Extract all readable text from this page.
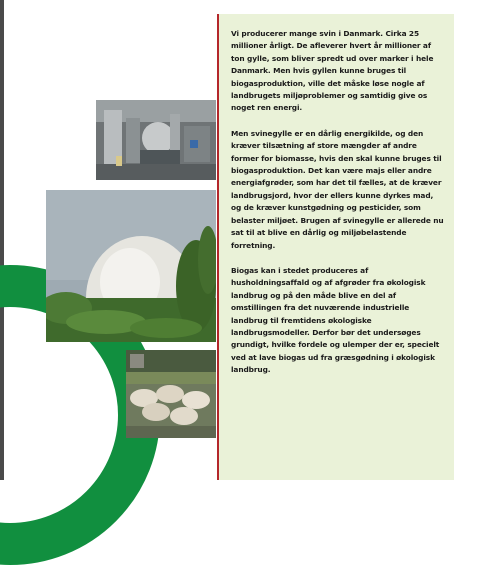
Vi producerer mange svin i Danmark. Cirka 25 millioner årligt. De afleverer hvert år millioner af ton gylle, som bliver spredt ud over marker i hele Danmark. Men hvis gyllen kunne bruges til biogasproduktion, ville det måske løse nogle af landbrugets miljøproblemer og samtidig give os noget ren energi.

Men svinegylle er en dårlig energikilde, og den kræver tilsætning af store mængder af andre former for biomasse, hvis den skal kunne bruges til biogasproduktion. Det kan være majs eller andre energiafgrøder, som har det til fælles, at de kræver landbrugsjord, hvor der ellers kunne dyrkes mad, og de kræver kunstgødning og pesticider, som belaster miljøet. Brugen af svinegylle er allerede nu sat til at blive en dårlig og miljøbelastende forretning.

Biogas kan i stedet produceres af husholdningsaffald og af afgrøder fra økologisk landbrug og på den måde blive en del af omstillingen fra det nuværende industrielle landbrug til fremtidens økologiske landbrugsmodeller. Derfor bør det undersøges grundigt, hvilke fordele og ulemper der er, specielt ved at lave biogas ud fra græsgødning i økologisk landbrug.
